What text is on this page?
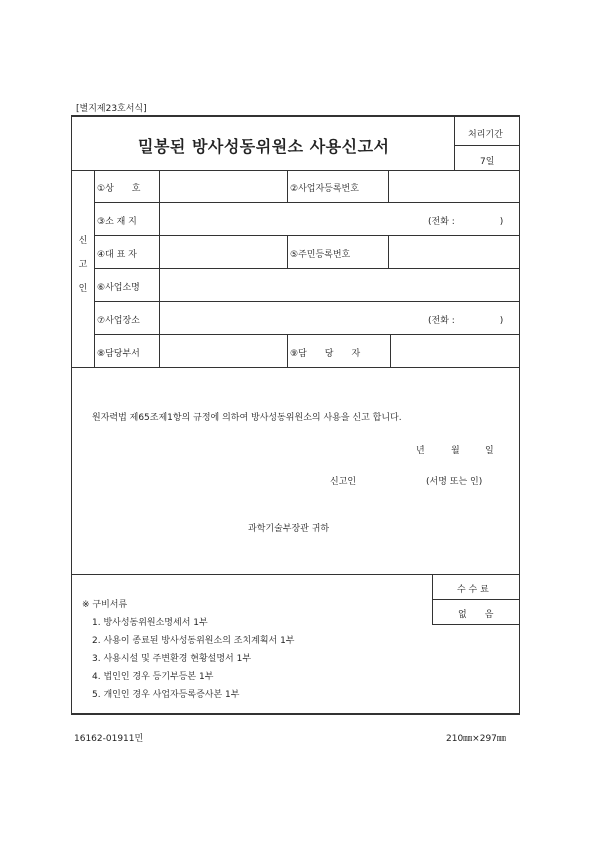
[별지제23호서식]
밀봉된 방사성동위원소 사용신고서
처리기간
7일
신
고
인
①상　　호	②사업자등록번호
③소 재 지	(전화 :　　　　　)
④대 표 자	⑤주민등록번호
⑥사업소명
⑦사업장소	(전화 :　　　　　)
⑧담당부서	⑨담　　당　　자
원자력법 제65조제1항의 규정에 의하여 방사성동위원소의 사용을 신고 합니다.
년	월	일
신고인	(서명 또는 인)
과학기술부장관 귀하
수 수 료
없　　음
※ 구비서류
1. 방사성동위원소명세서 1부
2. 사용이 종료된 방사성동위원소의 조치계획서 1부
3. 사용시설 및 주변환경 현황설명서 1부
4. 법인인 경우 등기부등본 1부
5. 개인인 경우 사업자등록증사본 1부
16162-01911민	210㎜×297㎜
